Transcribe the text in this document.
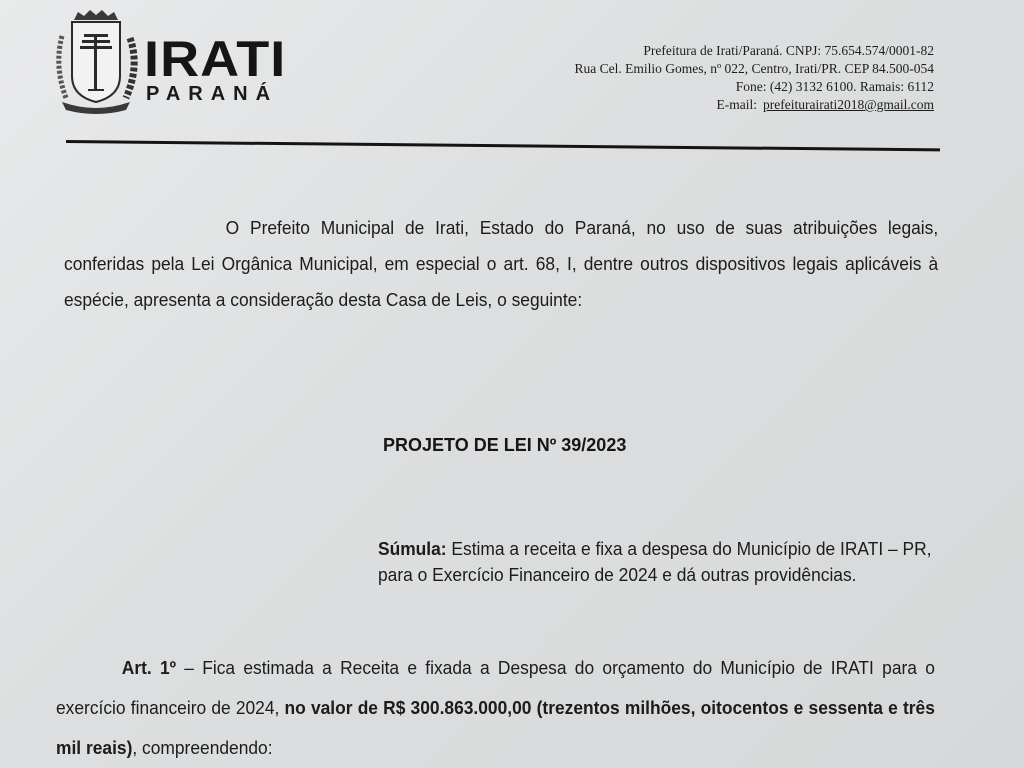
IRATI
PARANÁ
Prefeitura de Irati/Paraná. CNPJ: 75.654.574/0001-82
Rua Cel. Emilio Gomes, nº 022, Centro, Irati/PR. CEP 84.500-054
Fone: (42) 3132 6100. Ramais: 6112
E-mail: prefeiturairati2018@gmail.com
O Prefeito Municipal de Irati, Estado do Paraná, no uso de suas atribuições legais, conferidas pela Lei Orgânica Municipal, em especial o art. 68, I, dentre outros dispositivos legais aplicáveis à espécie, apresenta a consideração desta Casa de Leis, o seguinte:
PROJETO DE LEI Nº 39/2023
Súmula: Estima a receita e fixa a despesa do Município de IRATI – PR, para o Exercício Financeiro de 2024 e dá outras providências.
Art. 1º – Fica estimada a Receita e fixada a Despesa do orçamento do Município de IRATI para o exercício financeiro de 2024, no valor de R$ 300.863.000,00 (trezentos milhões, oitocentos e sessenta e três mil reais), compreendendo:
